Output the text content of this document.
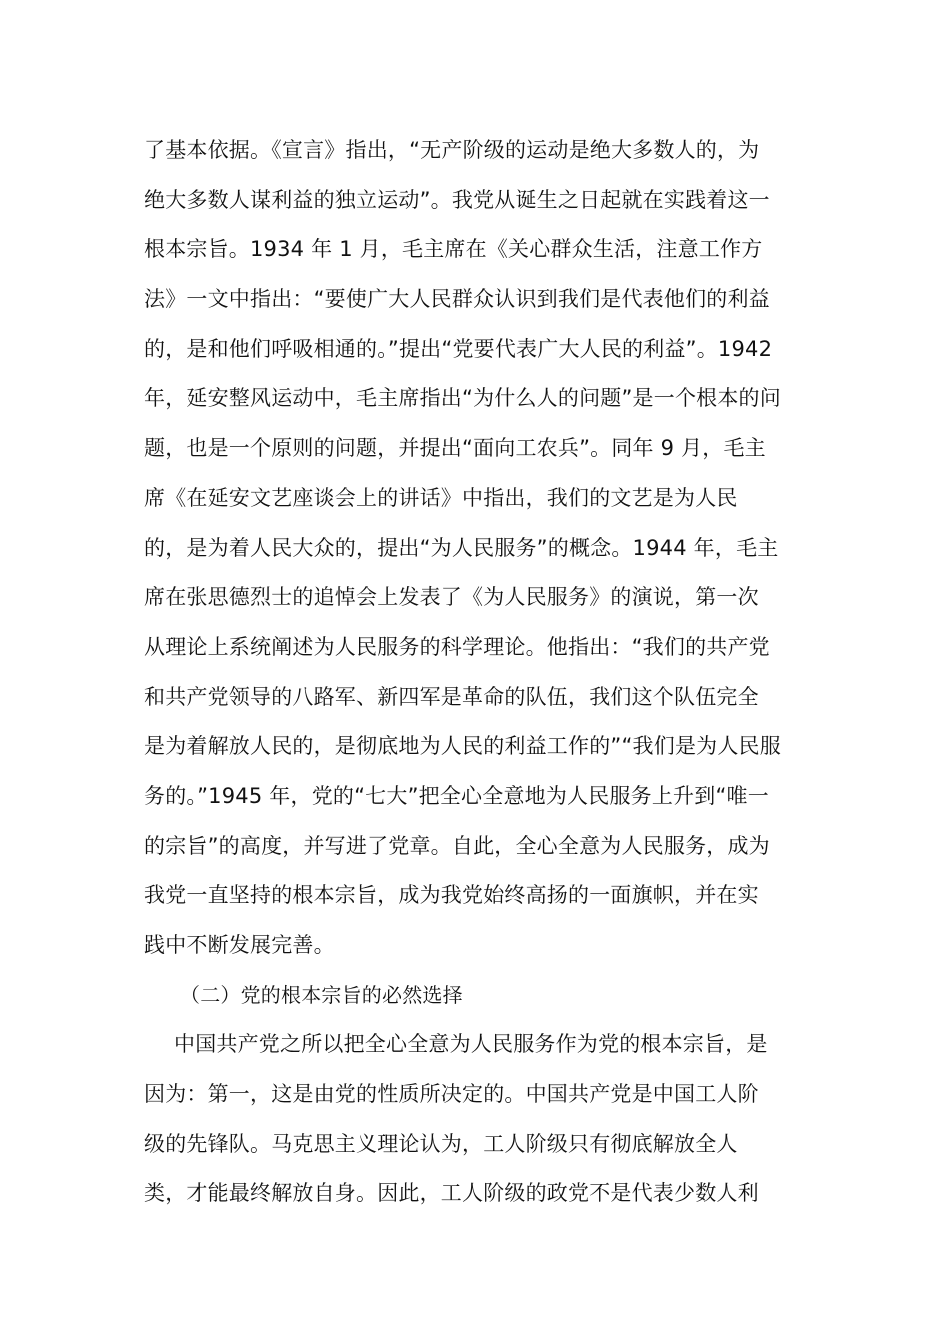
了基本依据。《宣言》指出，“无产阶级的运动是绝大多数人的，为
绝大多数人谋利益的独立运动”。我党从诞生之日起就在实践着这一
根本宗旨。1934 年 1 月，毛主席在《关心群众生活，注意工作方
法》一文中指出：“要使广大人民群众认识到我们是代表他们的利益
的，是和他们呼吸相通的。”提出“党要代表广大人民的利益”。1942
年，延安整风运动中，毛主席指出“为什么人的问题”是一个根本的问
题，也是一个原则的问题，并提出“面向工农兵”。同年 9 月，毛主
席《在延安文艺座谈会上的讲话》中指出，我们的文艺是为人民
的，是为着人民大众的，提出“为人民服务”的概念。1944 年，毛主
席在张思德烈士的追悼会上发表了《为人民服务》的演说，第一次
从理论上系统阐述为人民服务的科学理论。他指出：“我们的共产党
和共产党领导的八路军、新四军是革命的队伍，我们这个队伍完全
是为着解放人民的，是彻底地为人民的利益工作的”“我们是为人民服
务的。”1945 年，党的“七大”把全心全意地为人民服务上升到“唯一
的宗旨”的高度，并写进了党章。自此，全心全意为人民服务，成为
我党一直坚持的根本宗旨，成为我党始终高扬的一面旗帜，并在实
践中不断发展完善。
（二）党的根本宗旨的必然选择
中国共产党之所以把全心全意为人民服务作为党的根本宗旨，是
因为：第一，这是由党的性质所决定的。中国共产党是中国工人阶
级的先锋队。马克思主义理论认为，工人阶级只有彻底解放全人
类，才能最终解放自身。因此，工人阶级的政党不是代表少数人利
